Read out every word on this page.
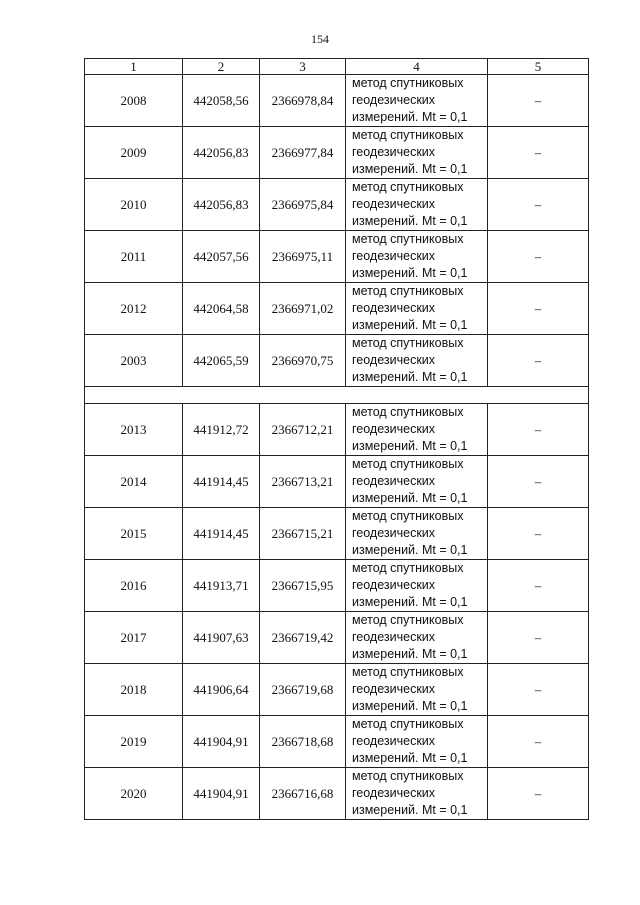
154
1	2	3	4	5
2008	442058,56	2366978,84	метод спутниковых
геодезических
измерений. Mt = 0,1	–
2009	442056,83	2366977,84	метод спутниковых
геодезических
измерений. Mt = 0,1	–
2010	442056,83	2366975,84	метод спутниковых
геодезических
измерений. Mt = 0,1	–
2011	442057,56	2366975,11	метод спутниковых
геодезических
измерений. Mt = 0,1	–
2012	442064,58	2366971,02	метод спутниковых
геодезических
измерений. Mt = 0,1	–
2003	442065,59	2366970,75	метод спутниковых
геодезических
измерений. Mt = 0,1	–

2013	441912,72	2366712,21	метод спутниковых
геодезических
измерений. Mt = 0,1	–
2014	441914,45	2366713,21	метод спутниковых
геодезических
измерений. Mt = 0,1	–
2015	441914,45	2366715,21	метод спутниковых
геодезических
измерений. Mt = 0,1	–
2016	441913,71	2366715,95	метод спутниковых
геодезических
измерений. Mt = 0,1	–
2017	441907,63	2366719,42	метод спутниковых
геодезических
измерений. Mt = 0,1	–
2018	441906,64	2366719,68	метод спутниковых
геодезических
измерений. Mt = 0,1	–
2019	441904,91	2366718,68	метод спутниковых
геодезических
измерений. Mt = 0,1	–
2020	441904,91	2366716,68	метод спутниковых
геодезических
измерений. Mt = 0,1	–
